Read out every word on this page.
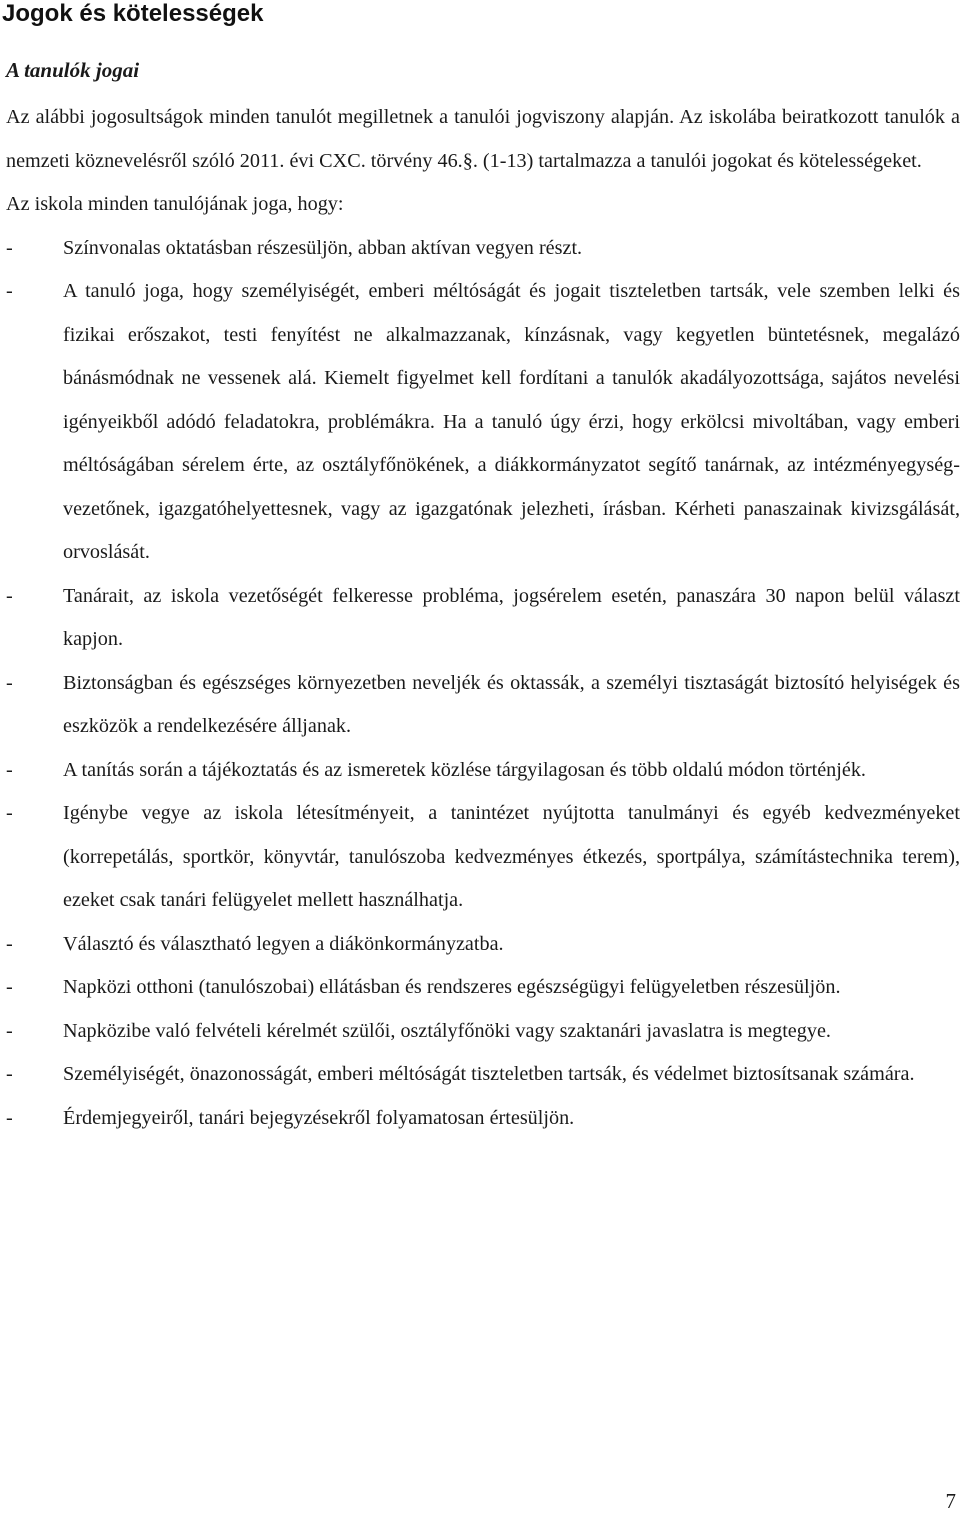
Jogok és kötelességek
A tanulók jogai

Az alábbi jogosultságok minden tanulót megilletnek a tanulói jogviszony alapján. Az iskolába beiratkozott tanulók a nemzeti köznevelésről szóló 2011. évi CXC. törvény 46.§. (1-13) tartalmazza a tanulói jogokat és kötelességeket.

Az iskola minden tanulójának joga, hogy:

- Színvonalas oktatásban részesüljön, abban aktívan vegyen részt.
- A tanuló joga, hogy személyiségét, emberi méltóságát és jogait tiszteletben tartsák, vele szemben lelki és fizikai erőszakot, testi fenyítést ne alkalmazzanak, kínzásnak, vagy kegyetlen büntetésnek, megalázó bánásmódnak ne vessenek alá. Kiemelt figyelmet kell fordítani a tanulók akadályozottsága, sajátos nevelési igényeikből adódó feladatokra, problémákra. Ha a tanuló úgy érzi, hogy erkölcsi mivoltában, vagy emberi méltóságában sérelem érte, az osztályfőnökének, a diákkormányzatot segítő tanárnak, az intézményegység-vezetőnek, igazgatóhelyettesnek, vagy az igazgatónak jelezheti, írásban. Kérheti panaszainak kivizsgálását, orvoslását.
- Tanárait, az iskola vezetőségét felkeresse probléma, jogsérelem esetén, panaszára 30 napon belül választ kapjon.
- Biztonságban és egészséges környezetben neveljék és oktassák, a személyi tisztaságát biztosító helyiségek és eszközök a rendelkezésére álljanak.
- A tanítás során a tájékoztatás és az ismeretek közlése tárgyilagosan és több oldalú módon történjék.
- Igénybe vegye az iskola létesítményeit, a tanintézet nyújtotta tanulmányi és egyéb kedvezményeket (korrepetálás, sportkör, könyvtár, tanulószoba kedvezményes étkezés, sportpálya, számítástechnika terem), ezeket csak tanári felügyelet mellett használhatja.
- Választó és választható legyen a diákönkormányzatba.
- Napközi otthoni (tanulószobai) ellátásban és rendszeres egészségügyi felügyeletben részesüljön.
- Napközibe való felvételi kérelmét szülői, osztályfőnöki vagy szaktanári javaslatra is megtegye.
- Személyiségét, önazonosságát, emberi méltóságát tiszteletben tartsák, és védelmet biztosítsanak számára.
- Érdemjegyeiről, tanári bejegyzésekről folyamatosan értesüljön.
7
